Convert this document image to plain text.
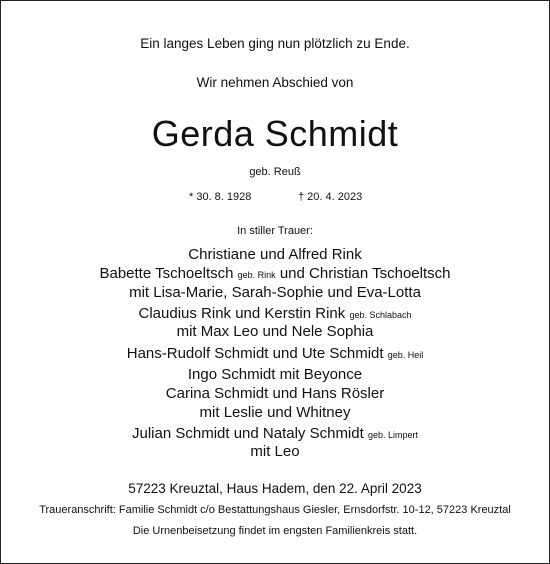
Ein langes Leben ging nun plötzlich zu Ende.
Wir nehmen Abschied von
Gerda Schmidt
geb. Reuß
* 30. 8. 1928	† 20. 4. 2023
In stiller Trauer:
Christiane und Alfred Rink
Babette Tschoeltsch geb. Rink und Christian Tschoeltsch
mit Lisa-Marie, Sarah-Sophie und Eva-Lotta
Claudius Rink und Kerstin Rink geb. Schlabach
mit Max Leo und Nele Sophia
Hans-Rudolf Schmidt und Ute Schmidt geb. Heil
Ingo Schmidt mit Beyonce
Carina Schmidt und Hans Rösler
mit Leslie und Whitney
Julian Schmidt und Nataly Schmidt geb. Limpert
mit Leo
57223 Kreuztal, Haus Hadem, den 22. April 2023
Traueranschrift: Familie Schmidt c/o Bestattungshaus Giesler, Ernsdorfstr. 10-12, 57223 Kreuztal
Die Urnenbeisetzung findet im engsten Familienkreis statt.
